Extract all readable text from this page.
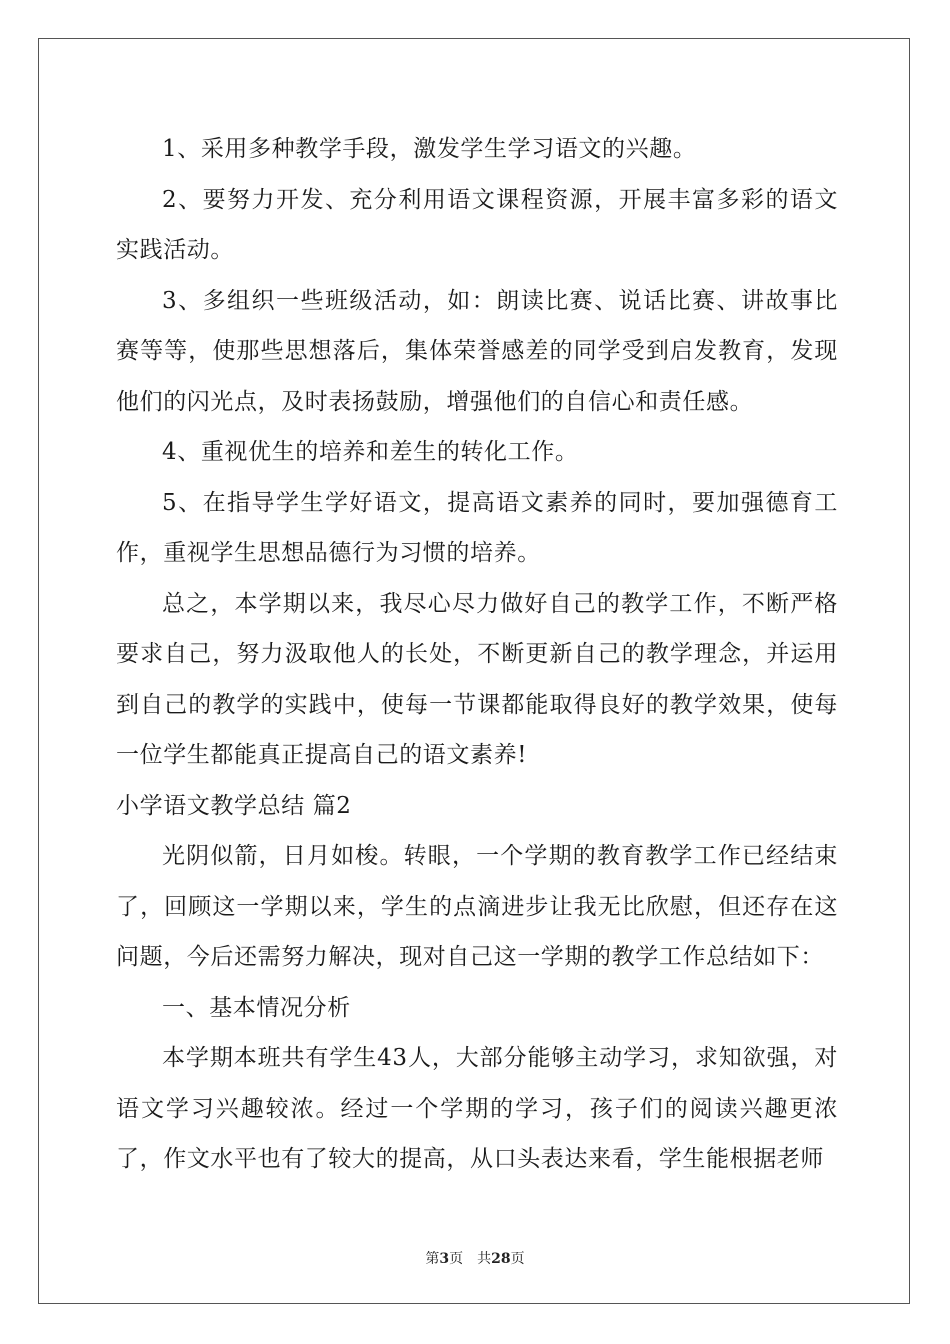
1、采用多种教学手段，激发学生学习语文的兴趣。

2、要努力开发、充分利用语文课程资源，开展丰富多彩的语文实践活动。

3、多组织一些班级活动，如：朗读比赛、说话比赛、讲故事比赛等等，使那些思想落后，集体荣誉感差的同学受到启发教育，发现他们的闪光点，及时表扬鼓励，增强他们的自信心和责任感。

4、重视优生的培养和差生的转化工作。

5、在指导学生学好语文，提高语文素养的同时，要加强德育工作，重视学生思想品德行为习惯的培养。

总之，本学期以来，我尽心尽力做好自己的教学工作，不断严格要求自己，努力汲取他人的长处，不断更新自己的教学理念，并运用到自己的教学的实践中，使每一节课都能取得良好的教学效果，使每一位学生都能真正提高自己的语文素养!

小学语文教学总结 篇2

光阴似箭，日月如梭。转眼，一个学期的教育教学工作已经结束了，回顾这一学期以来，学生的点滴进步让我无比欣慰，但还存在这问题，今后还需努力解决，现对自己这一学期的教学工作总结如下：

一、基本情况分析

本学期本班共有学生43人，大部分能够主动学习，求知欲强，对语文学习兴趣较浓。经过一个学期的学习，孩子们的阅读兴趣更浓了，作文水平也有了较大的提高，从口头表达来看，学生能根据老师

第3页 共28页
